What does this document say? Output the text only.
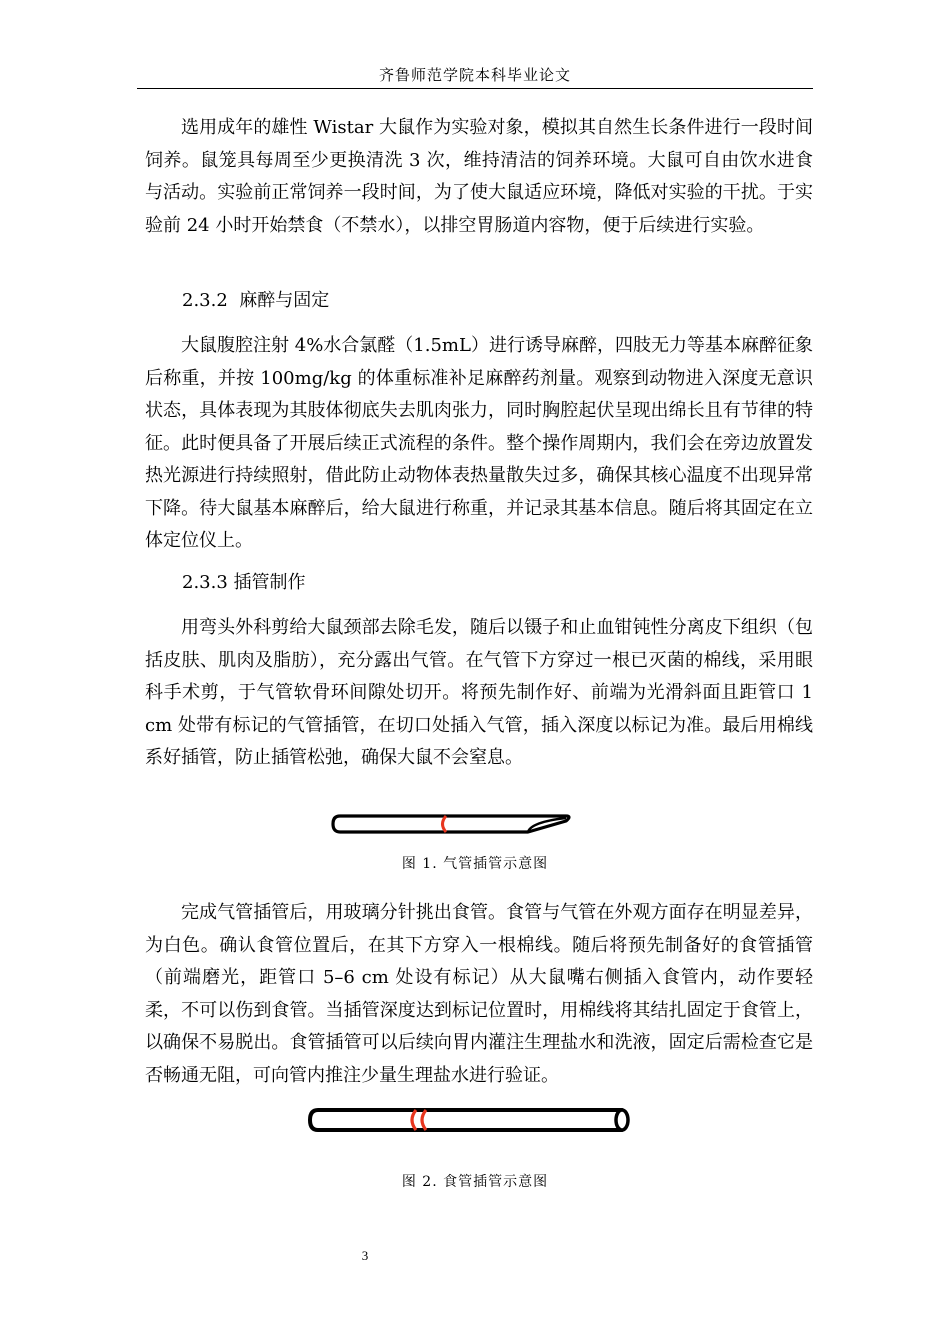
齐鲁师范学院本科毕业论文

选用成年的雄性 Wistar 大鼠作为实验对象，模拟其自然生长条件进行一段时间饲养。鼠笼具每周至少更换清洗 3 次，维持清洁的饲养环境。大鼠可自由饮水进食与活动。实验前正常饲养一段时间，为了使大鼠适应环境，降低对实验的干扰。于实验前 24 小时开始禁食（不禁水），以排空胃肠道内容物，便于后续进行实验。

2.3.2  麻醉与固定

大鼠腹腔注射 4%水合氯醛（1.5mL）进行诱导麻醉，四肢无力等基本麻醉征象后称重，并按 100mg/kg 的体重标准补足麻醉药剂量。观察到动物进入深度无意识状态，具体表现为其肢体彻底失去肌肉张力，同时胸腔起伏呈现出绵长且有节律的特征。此时便具备了开展后续正式流程的条件。整个操作周期内，我们会在旁边放置发热光源进行持续照射，借此防止动物体表热量散失过多，确保其核心温度不出现异常下降。待大鼠基本麻醉后，给大鼠进行称重，并记录其基本信息。随后将其固定在立体定位仪上。

2.3.3 插管制作

用弯头外科剪给大鼠颈部去除毛发，随后以镊子和止血钳钝性分离皮下组织（包括皮肤、肌肉及脂肪），充分露出气管。在气管下方穿过一根已灭菌的棉线，采用眼科手术剪，于气管软骨环间隙处切开。将预先制作好、前端为光滑斜面且距管口 1 cm 处带有标记的气管插管，在切口处插入气管，插入深度以标记为准。最后用棉线系好插管，防止插管松弛，确保大鼠不会窒息。

图 1. 气管插管示意图

完成气管插管后，用玻璃分针挑出食管。食管与气管在外观方面存在明显差异，为白色。确认食管位置后，在其下方穿入一根棉线。随后将预先制备好的食管插管（前端磨光，距管口 5–6 cm 处设有标记）从大鼠嘴右侧插入食管内，动作要轻柔，不可以伤到食管。当插管深度达到标记位置时，用棉线将其结扎固定于食管上，以确保不易脱出。食管插管可以后续向胃内灌注生理盐水和洗液，固定后需检查它是否畅通无阻，可向管内推注少量生理盐水进行验证。

图 2. 食管插管示意图
3
